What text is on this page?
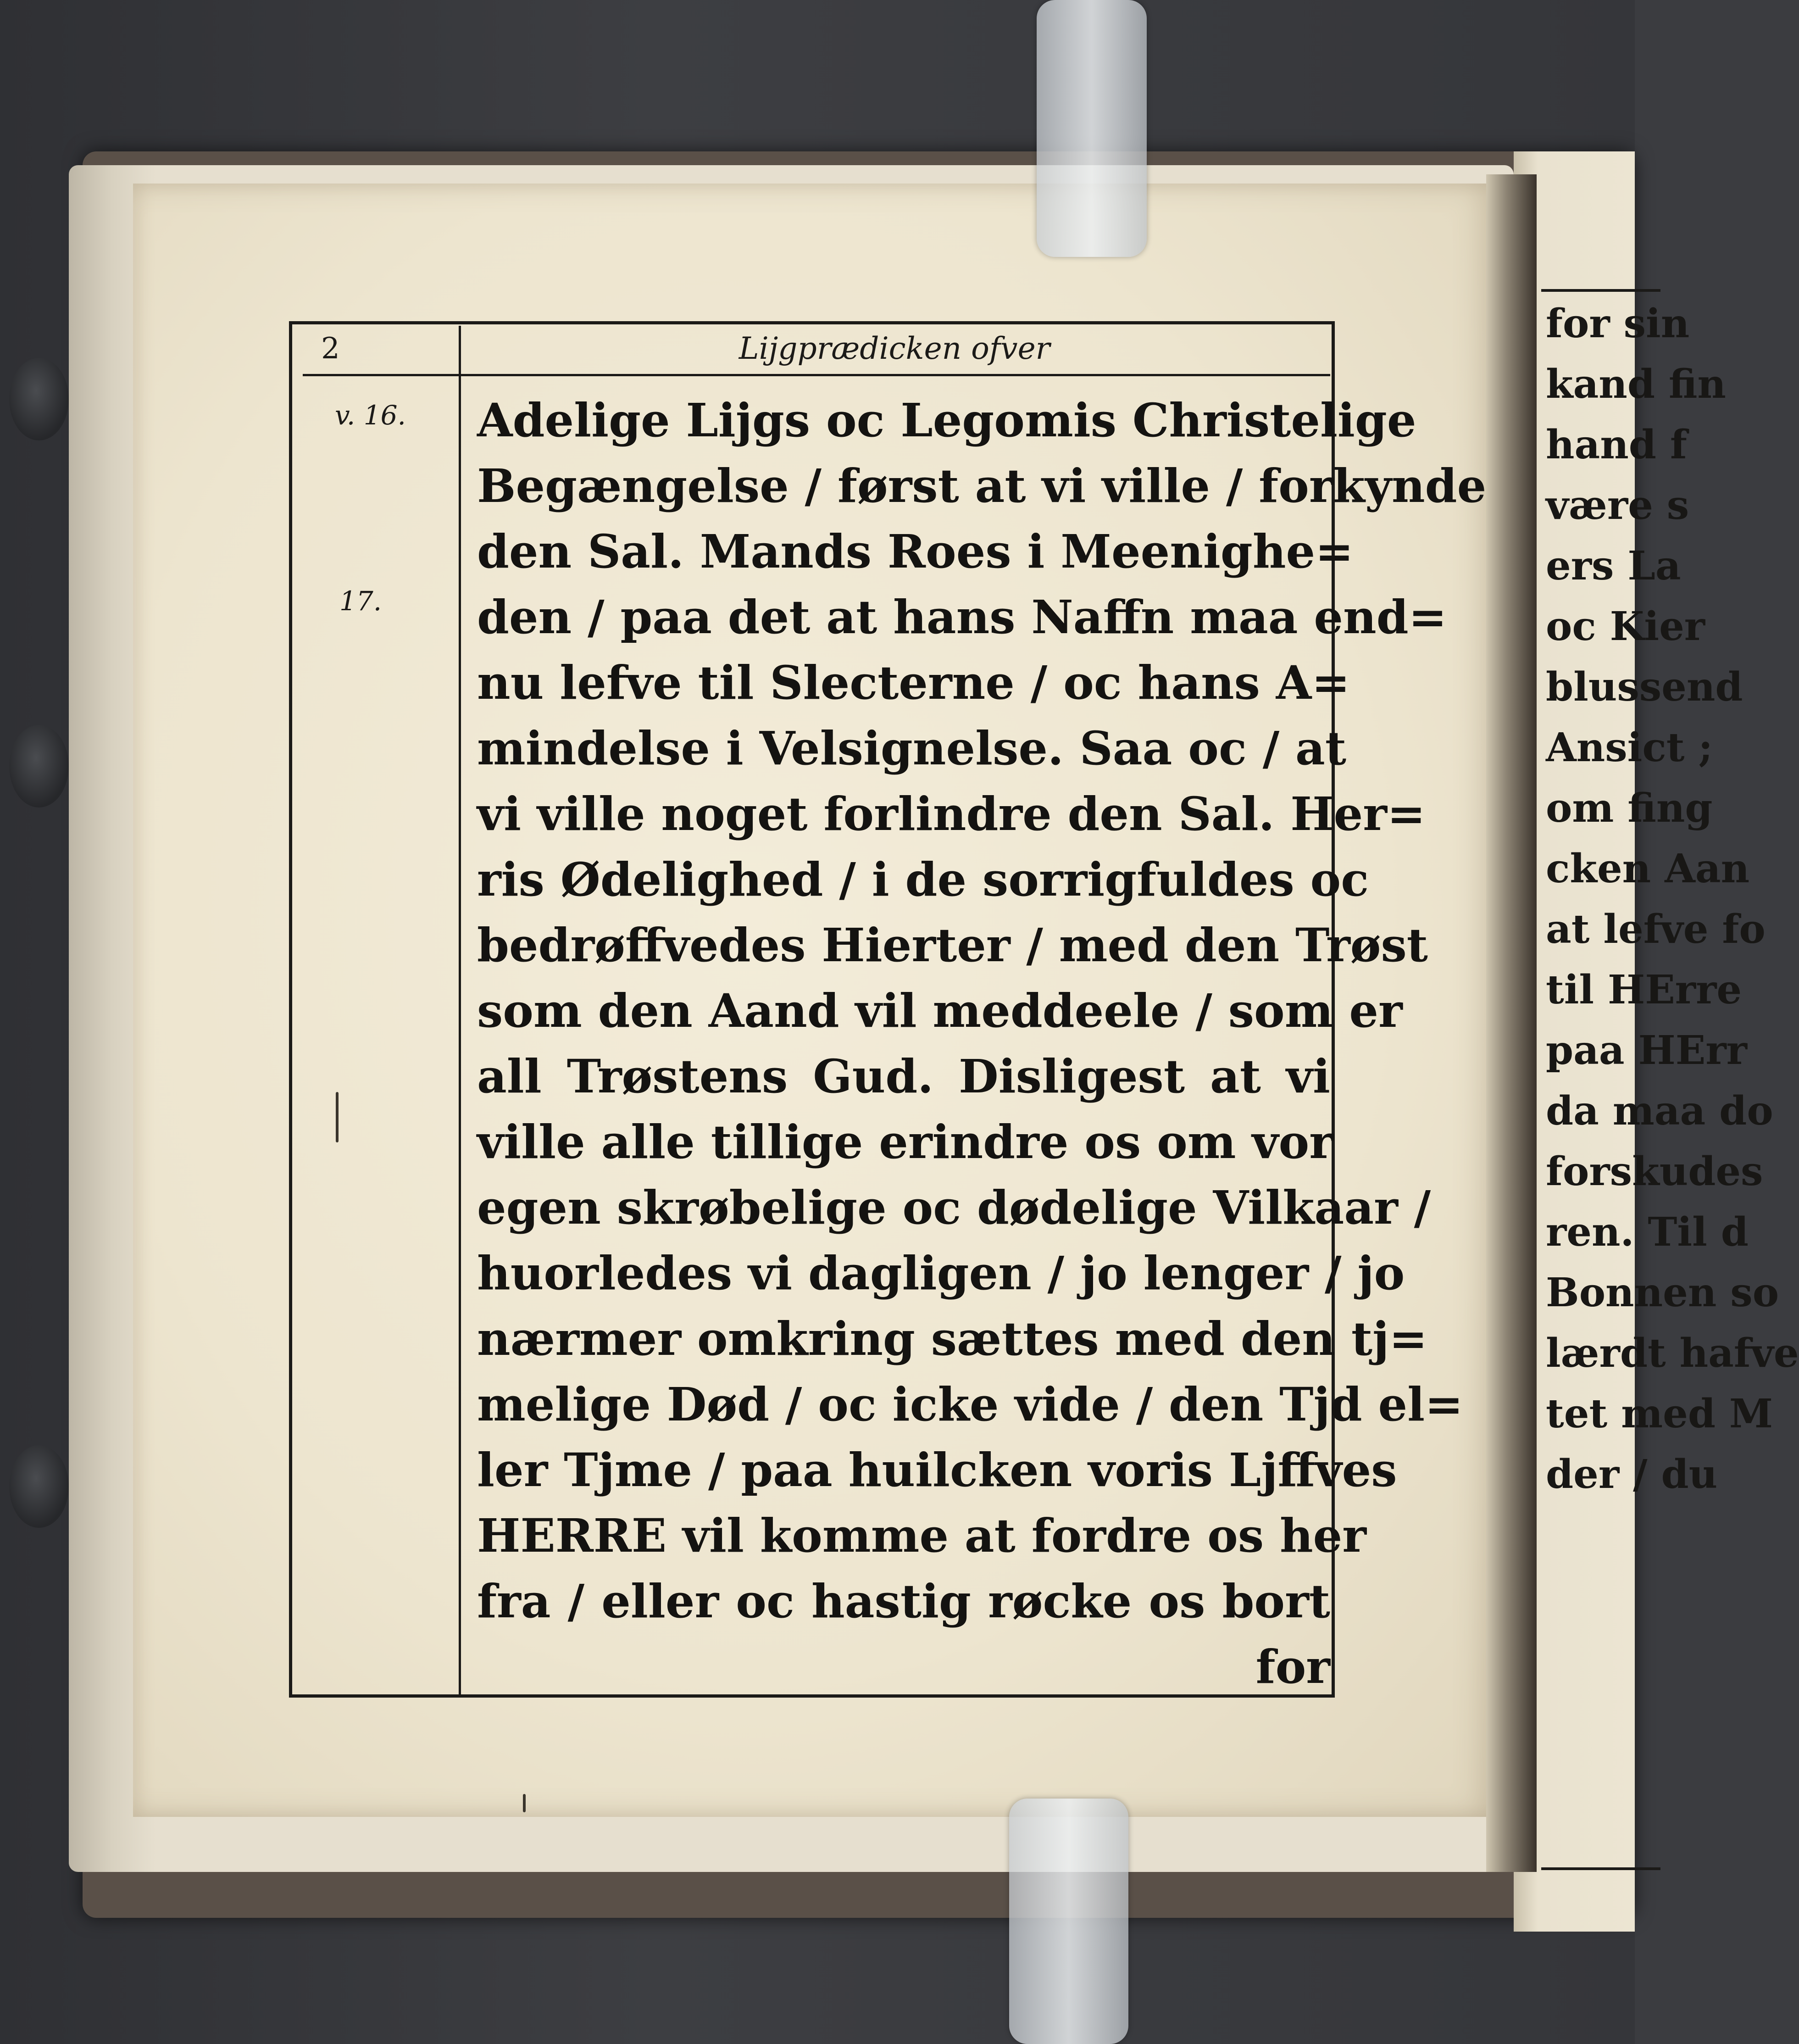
for sin
kand fin
hand f
være s
ers La
oc Kier
blussend
Ansict ;
om fing
cken Aan
at lefve fo
til HErre
paa HErr
da maa do
forskudes
ren. Til d
Bonnen so
lærdt hafve
tet med M
der / du
2	Lijgprædicken ofver
v. 16.
17.
Adelige Lijgs oc Legomis Christelige
Begængelse / først at vi ville / forkynde
den Sal. Mands Roes i Meenighe=
den / paa det at hans Naffn maa end=
nu lefve til Slecterne / oc hans A=
mindelse i Velsignelse. Saa oc / at
vi ville noget forlindre den Sal. Her=
ris Ødelighed / i de sorrigfuldes oc
bedrøffvedes Hierter / med den Trøst
som den Aand vil meddeele / som er
all Trøstens Gud. Disligest at vi
ville alle tillige erindre os om vor
egen skrøbelige oc dødelige Vilkaar /
huorledes vi dagligen / jo lenger / jo
nærmer omkring sættes med den tj=
melige Død / oc icke vide / den Tjd el=
ler Tjme / paa huilcken voris Ljffves
HERRE vil komme at fordre os her
fra / eller oc hastig røcke os bort
for
